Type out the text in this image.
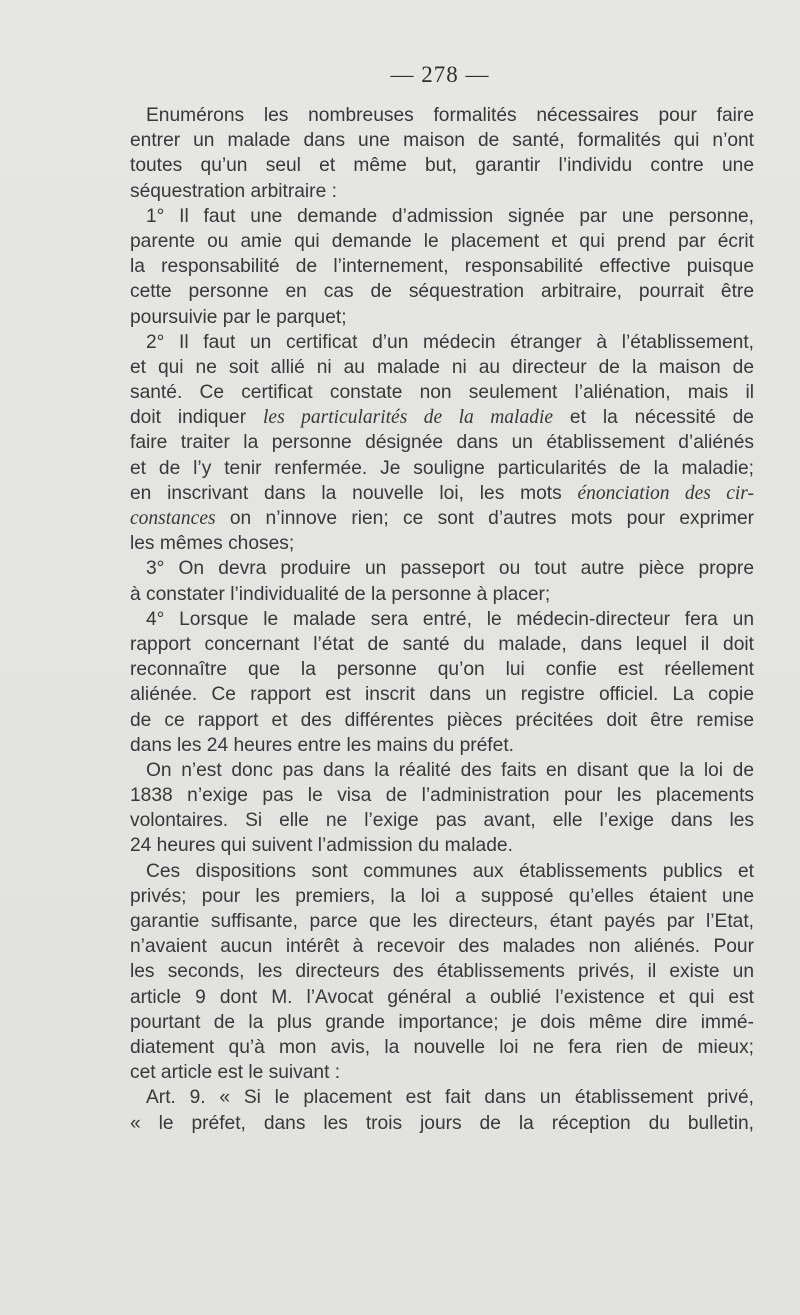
— 278 —
Enumérons les nombreuses formalités nécessaires pour faire
entrer un malade dans une maison de santé, formalités qui n’ont
toutes qu’un seul et même but, garantir l’individu contre une
séquestration arbitraire :
1° Il faut une demande d’admission signée par une personne,
parente ou amie qui demande le placement et qui prend par écrit
la responsabilité de l’internement, responsabilité effective puisque
cette personne en cas de séquestration arbitraire, pourrait être
poursuivie par le parquet;
2° Il faut un certificat d’un médecin étranger à l’établissement,
et qui ne soit allié ni au malade ni au directeur de la maison de
santé. Ce certificat constate non seulement l’aliénation, mais il
doit indiquer les particularités de la maladie et la nécessité de
faire traiter la personne désignée dans un établissement d’aliénés
et de l’y tenir renfermée. Je souligne particularités de la maladie;
en inscrivant dans la nouvelle loi, les mots énonciation des cir-
constances on n’innove rien; ce sont d’autres mots pour exprimer
les mêmes choses;
3° On devra produire un passeport ou tout autre pièce propre
à constater l’individualité de la personne à placer;
4° Lorsque le malade sera entré, le médecin-directeur fera un
rapport concernant l’état de santé du malade, dans lequel il doit
reconnaître que la personne qu’on lui confie est réellement
aliénée. Ce rapport est inscrit dans un registre officiel. La copie
de ce rapport et des différentes pièces précitées doit être remise
dans les 24 heures entre les mains du préfet.
On n’est donc pas dans la réalité des faits en disant que la loi de
1838 n’exige pas le visa de l’administration pour les placements
volontaires. Si elle ne l’exige pas avant, elle l’exige dans les
24 heures qui suivent l’admission du malade.
Ces dispositions sont communes aux établissements publics et
privés; pour les premiers, la loi a supposé qu’elles étaient une
garantie suffisante, parce que les directeurs, étant payés par l’Etat,
n’avaient aucun intérêt à recevoir des malades non aliénés. Pour
les seconds, les directeurs des établissements privés, il existe un
article 9 dont M. l’Avocat général a oublié l’existence et qui est
pourtant de la plus grande importance; je dois même dire immé-
diatement qu’à mon avis, la nouvelle loi ne fera rien de mieux;
cet article est le suivant :
Art. 9. « Si le placement est fait dans un établissement privé,
« le préfet, dans les trois jours de la réception du bulletin,
